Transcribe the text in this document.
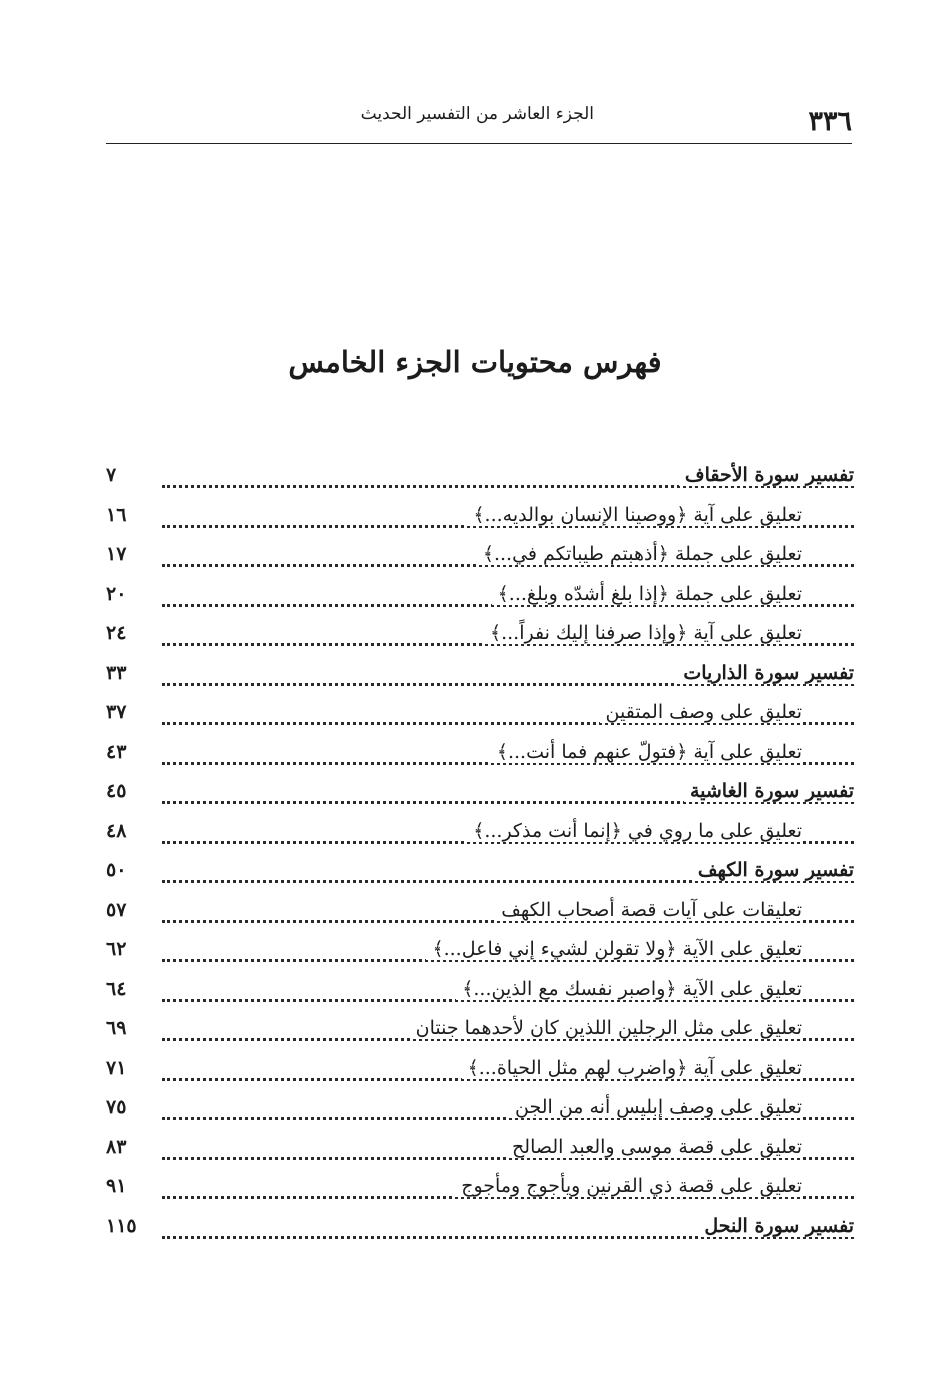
٣٣٦
الجزء العاشر من التفسير الحديث
فهرس محتويات الجزء الخامس
تفسير سورة الأحقاف
٧
تعليق على آية ﴿ووصينا الإنسان بوالديه...﴾
١٦
تعليق على جملة ﴿أذهبتم طيباتكم في...﴾
١٧
تعليق على جملة ﴿إذا بلغ أشدّه وبلغ...﴾
٢٠
تعليق على آية ﴿وإذا صرفنا إليك نفراً...﴾
٢٤
تفسير سورة الذاريات
٣٣
تعليق على وصف المتقين
٣٧
تعليق على آية ﴿فتولّ عنهم فما أنت...﴾
٤٣
تفسير سورة الغاشية
٤٥
تعليق على ما روي في ﴿إنما أنت مذكر...﴾
٤٨
تفسير سورة الكهف
٥٠
تعليقات على آيات قصة أصحاب الكهف
٥٧
تعليق على الآية ﴿ولا تقولن لشيء إني فاعل...﴾
٦٢
تعليق على الآية ﴿واصبر نفسك مع الذين...﴾
٦٤
تعليق على مثل الرجلين اللذين كان لأحدهما جنتان
٦٩
تعليق على آية ﴿واضرب لهم مثل الحياة...﴾
٧١
تعليق على وصف إبليس أنه من الجن
٧٥
تعليق على قصة موسى والعبد الصالح
٨٣
تعليق على قصة ذي القرنين ويأجوج ومأجوج
٩١
تفسير سورة النحل
١١٥
